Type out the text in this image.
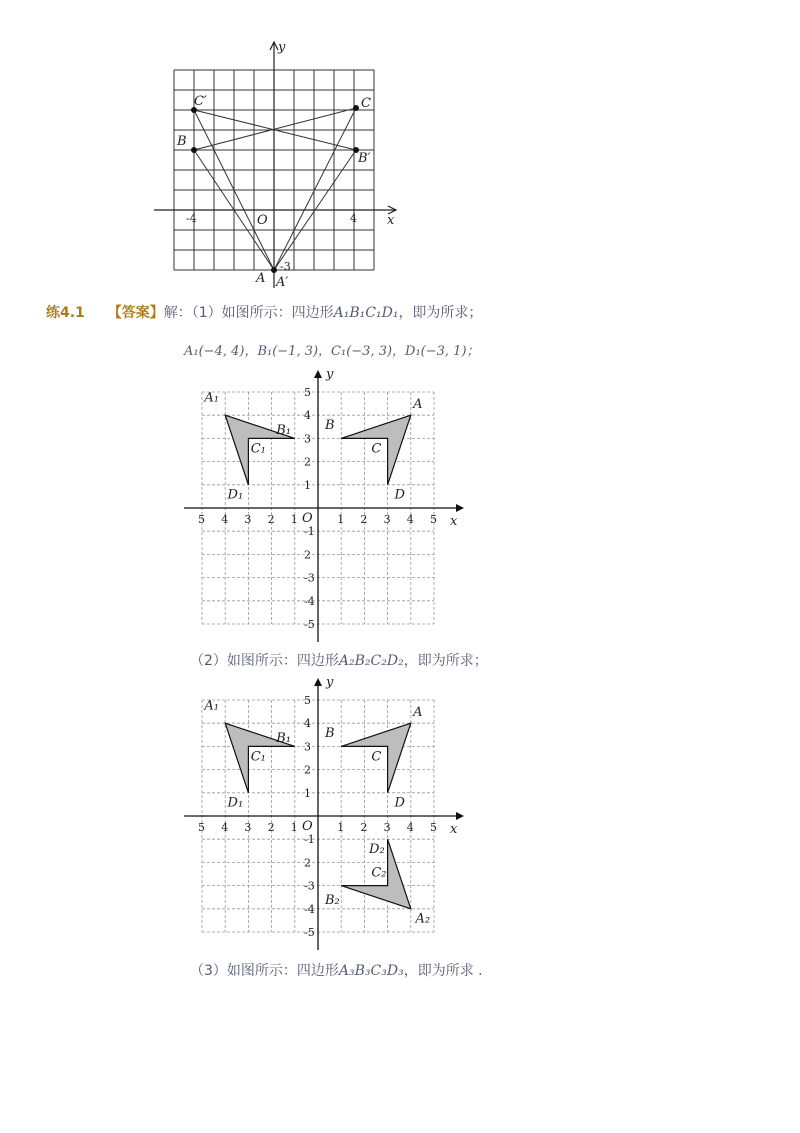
y
x
O
-4	4
-3
C′	C
B
B′
A A′
练4.1 【答案】解：（1）如图所示：四边形A₁B₁C₁D₁，即为所求；
A₁(−4, 4)，B₁(−1, 3)，C₁(−3, 3)，D₁(−3, 1)；
y
x
O
5 4 3 2 1	1 2 3 4 5
5
4
3
2
1
-1
2
-3
-4
-5
A₁
B₁
C₁
D₁
A
B
C
D
（2）如图所示：四边形A₂B₂C₂D₂，即为所求；
y
x
O
5 4 3 2 1	1 2 3 4 5
5
4
3
2
1
-1
2
-3
-4
-5
A₁
B₁
C₁
D₁
A
B
C
D
A₂
B₂
C₂
D₂
（3）如图所示：四边形A₃B₃C₃D₃，即为所求 .
